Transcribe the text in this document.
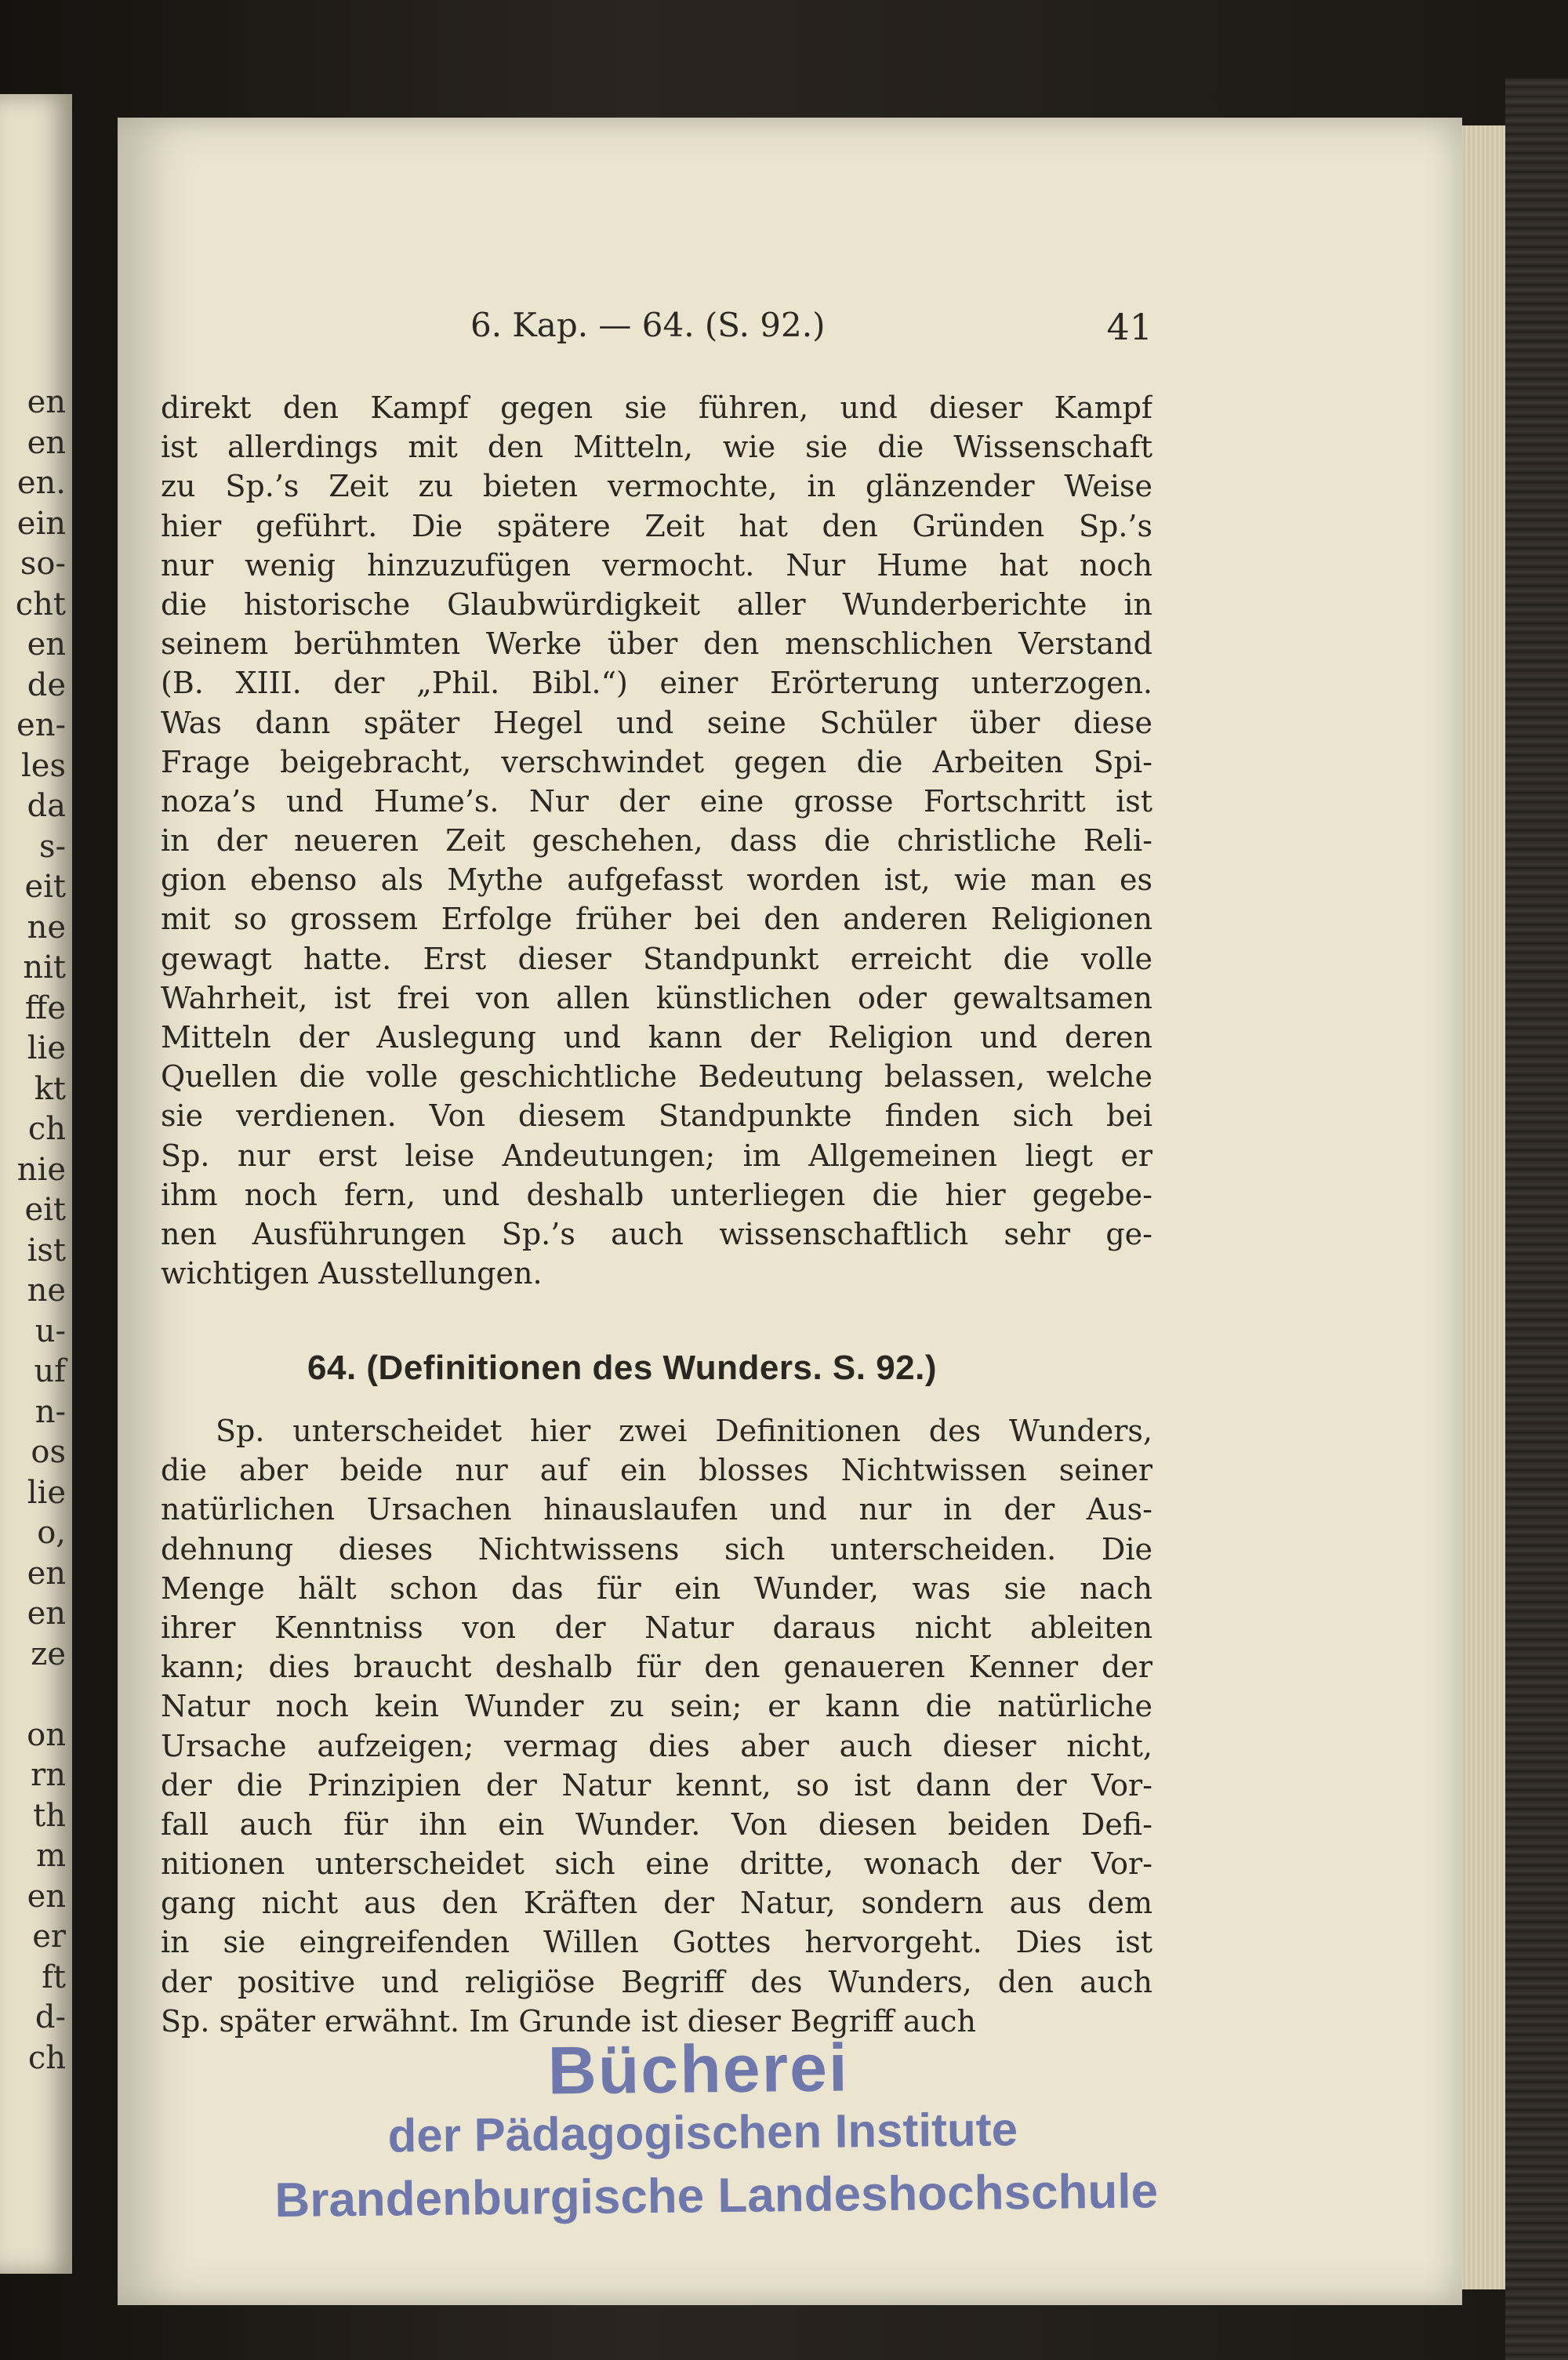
en
en
en.
ein
so-
cht
en
de
en-
les
da
s-
eit
ne
nit
ffe
lie
kt
ch
nie
eit
ist
ne
u-
uf
n-
os
lie
o,
en
en
ze
on
rn
th
m
en
er
ft
d-
ch
6. Kap. — 64. (S. 92.)	41
direkt den Kampf gegen sie führen, und dieser Kampf
ist allerdings mit den Mitteln, wie sie die Wissenschaft
zu Sp.’s Zeit zu bieten vermochte, in glänzender Weise
hier geführt. Die spätere Zeit hat den Gründen Sp.’s
nur wenig hinzuzufügen vermocht. Nur Hume hat noch
die historische Glaubwürdigkeit aller Wunderberichte in
seinem berühmten Werke über den menschlichen Verstand
(B. XIII. der „Phil. Bibl.“) einer Erörterung unterzogen.
Was dann später Hegel und seine Schüler über diese
Frage beigebracht, verschwindet gegen die Arbeiten Spi-
noza’s und Hume’s. Nur der eine grosse Fortschritt ist
in der neueren Zeit geschehen, dass die christliche Reli-
gion ebenso als Mythe aufgefasst worden ist, wie man es
mit so grossem Erfolge früher bei den anderen Religionen
gewagt hatte. Erst dieser Standpunkt erreicht die volle
Wahrheit, ist frei von allen künstlichen oder gewaltsamen
Mitteln der Auslegung und kann der Religion und deren
Quellen die volle geschichtliche Bedeutung belassen, welche
sie verdienen. Von diesem Standpunkte finden sich bei
Sp. nur erst leise Andeutungen; im Allgemeinen liegt er
ihm noch fern, und deshalb unterliegen die hier gegebe-
nen Ausführungen Sp.’s auch wissenschaftlich sehr ge-
wichtigen Ausstellungen.
64. (Definitionen des Wunders. S. 92.)
Sp. unterscheidet hier zwei Definitionen des Wunders,
die aber beide nur auf ein blosses Nichtwissen seiner
natürlichen Ursachen hinauslaufen und nur in der Aus-
dehnung dieses Nichtwissens sich unterscheiden. Die
Menge hält schon das für ein Wunder, was sie nach
ihrer Kenntniss von der Natur daraus nicht ableiten
kann; dies braucht deshalb für den genaueren Kenner der
Natur noch kein Wunder zu sein; er kann die natürliche
Ursache aufzeigen; vermag dies aber auch dieser nicht,
der die Prinzipien der Natur kennt, so ist dann der Vor-
fall auch für ihn ein Wunder. Von diesen beiden Defi-
nitionen unterscheidet sich eine dritte, wonach der Vor-
gang nicht aus den Kräften der Natur, sondern aus dem
in sie eingreifenden Willen Gottes hervorgeht. Dies ist
der positive und religiöse Begriff des Wunders, den auch
Sp. später erwähnt. Im Grunde ist dieser Begriff auch
Bücherei
der Pädagogischen Institute
Brandenburgische Landeshochschule
